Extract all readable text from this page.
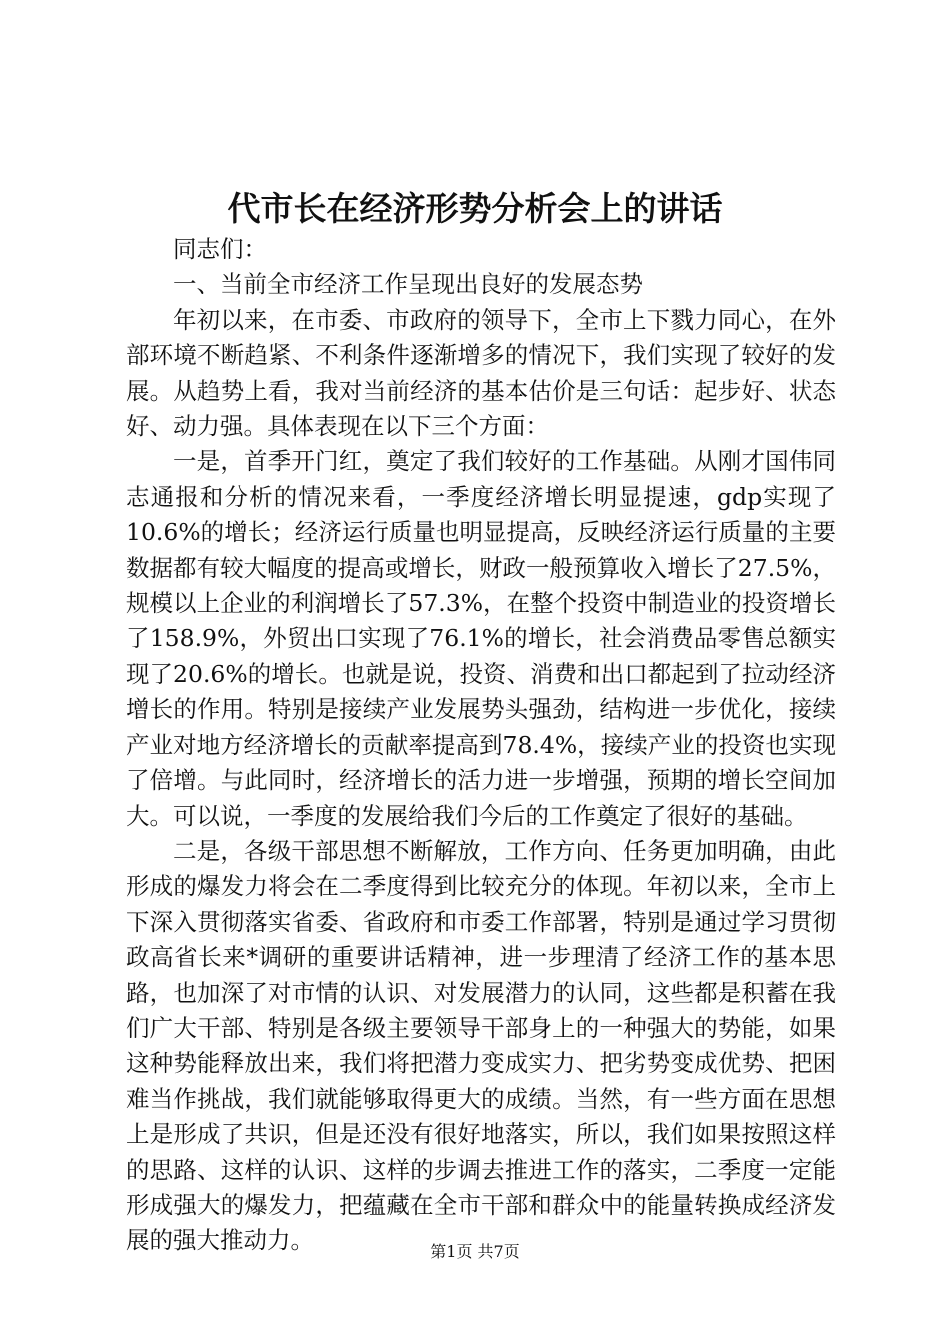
代市长在经济形势分析会上的讲话

同志们：

一、当前全市经济工作呈现出良好的发展态势

年初以来，在市委、市政府的领导下，全市上下戮力同心，在外部环境不断趋紧、不利条件逐渐增多的情况下，我们实现了较好的发展。从趋势上看，我对当前经济的基本估价是三句话：起步好、状态好、动力强。具体表现在以下三个方面：

一是，首季开门红，奠定了我们较好的工作基础。从刚才国伟同志通报和分析的情况来看，一季度经济增长明显提速，gdp实现了10.6%的增长；经济运行质量也明显提高，反映经济运行质量的主要数据都有较大幅度的提高或增长，财政一般预算收入增长了27.5%，规模以上企业的利润增长了57.3%，在整个投资中制造业的投资增长了158.9%，外贸出口实现了76.1%的增长，社会消费品零售总额实现了20.6%的增长。也就是说，投资、消费和出口都起到了拉动经济增长的作用。特别是接续产业发展势头强劲，结构进一步优化，接续产业对地方经济增长的贡献率提高到78.4%，接续产业的投资也实现了倍增。与此同时，经济增长的活力进一步增强，预期的增长空间加大。可以说，一季度的发展给我们今后的工作奠定了很好的基础。

二是，各级干部思想不断解放，工作方向、任务更加明确，由此形成的爆发力将会在二季度得到比较充分的体现。年初以来，全市上下深入贯彻落实省委、省政府和市委工作部署，特别是通过学习贯彻政高省长来*调研的重要讲话精神，进一步理清了经济工作的基本思路，也加深了对市情的认识、对发展潜力的认同，这些都是积蓄在我们广大干部、特别是各级主要领导干部身上的一种强大的势能，如果这种势能释放出来，我们将把潜力变成实力、把劣势变成优势、把困难当作挑战，我们就能够取得更大的成绩。当然，有一些方面在思想上是形成了共识，但是还没有很好地落实，所以，我们如果按照这样的思路、这样的认识、这样的步调去推进工作的落实，二季度一定能形成强大的爆发力，把蕴藏在全市干部和群众中的能量转换成经济发展的强大推动力。	第1页 共7页
